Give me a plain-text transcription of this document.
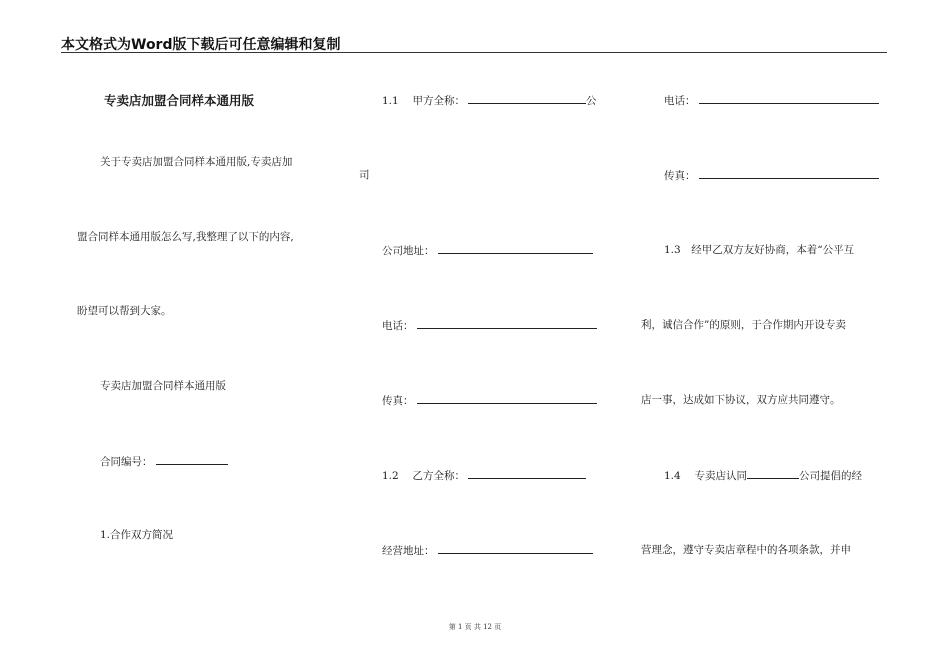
本文格式为Word版下载后可任意编辑和复制
专卖店加盟合同样本通用版
关于专卖店加盟合同样本通用版,专卖店加
盟合同样本通用版怎么写,我整理了以下的内容,
盼望可以帮到大家。
专卖店加盟合同样本通用版
合同编号：
1.合作双方简况
1.1　 甲方全称：	公
司
公司地址：
电话：
传真：
1.2　 乙方全称：
经营地址：
电话：
传真：
1.3　经甲乙双方友好协商，本着“公平互
利，诚信合作”的原则，于合作期内开设专卖
店一事，达成如下协议，双方应共同遵守。
1.4　 专卖店认同	公司提倡的经
营理念，遵守专卖店章程中的各项条款，并申
第 1 页 共 12 页
